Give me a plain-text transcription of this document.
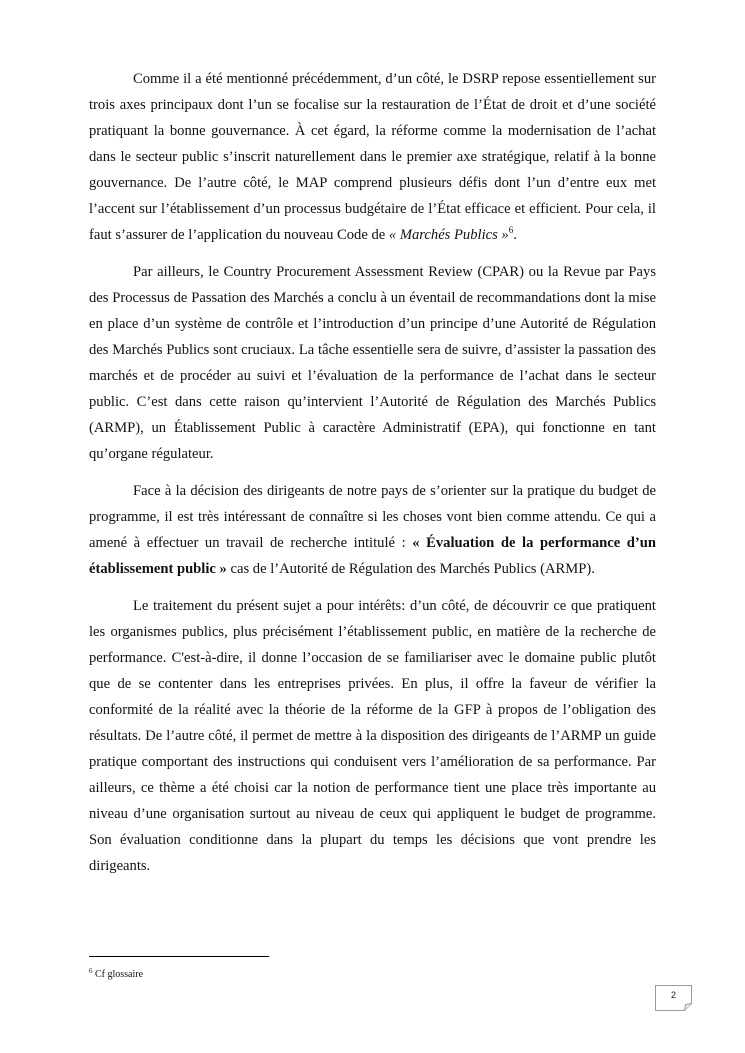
Comme il a été mentionné précédemment, d’un côté, le DSRP repose essentiellement sur trois axes principaux dont l’un se focalise sur la restauration de l’État de droit et d’une société pratiquant la bonne gouvernance. À cet égard, la réforme comme la modernisation de l’achat dans le secteur public s’inscrit naturellement dans le premier axe stratégique, relatif à la bonne gouvernance. De l’autre côté, le MAP comprend plusieurs défis dont l’un d’entre eux met l’accent sur l’établissement d’un processus budgétaire de l’État efficace et efficient. Pour cela, il faut s’assurer de l’application du nouveau Code de « Marchés Publics »$^6$.

Par ailleurs, le Country Procurement Assessment Review (CPAR) ou la Revue par Pays des Processus de Passation des Marchés a conclu à un éventail de recommandations dont la mise en place d’un système de contrôle et l’introduction d’un principe d’une Autorité de Régulation des Marchés Publics sont cruciaux. La tâche essentielle sera de suivre, d’assister la passation des marchés et de procéder au suivi et l’évaluation de la performance de l’achat dans le secteur public. C’est dans cette raison qu’intervient l’Autorité de Régulation des Marchés Publics (ARMP), un Établissement Public à caractère Administratif (EPA), qui fonctionne en tant qu’organe régulateur.

Face à la décision des dirigeants de notre pays de s’orienter sur la pratique du budget de programme, il est très intéressant de connaître si les choses vont bien comme attendu. Ce qui a amené à effectuer un travail de recherche intitulé : « Évaluation de la performance d’un établissement public » cas de l’Autorité de Régulation des Marchés Publics (ARMP).

Le traitement du présent sujet a pour intérêts: d’un côté, de découvrir ce que pratiquent les organismes publics, plus précisément l’établissement public, en matière de la recherche de performance. C'est-à-dire, il donne l’occasion de se familiariser avec le domaine public plutôt que de se contenter dans les entreprises privées. En plus, il offre la faveur de vérifier la conformité de la réalité avec la théorie de la réforme de la GFP à propos de l’obligation des résultats. De l’autre côté, il permet de mettre à la disposition des dirigeants de l’ARMP un guide pratique comportant des instructions qui conduisent vers l’amélioration de sa performance. Par ailleurs, ce thème a été choisi car la notion de performance tient une place très importante au niveau d’une organisation surtout au niveau de ceux qui appliquent le budget de programme. Son évaluation conditionne dans la plupart du temps les décisions que vont prendre les dirigeants.

$^6$ Cf glossaire
2
